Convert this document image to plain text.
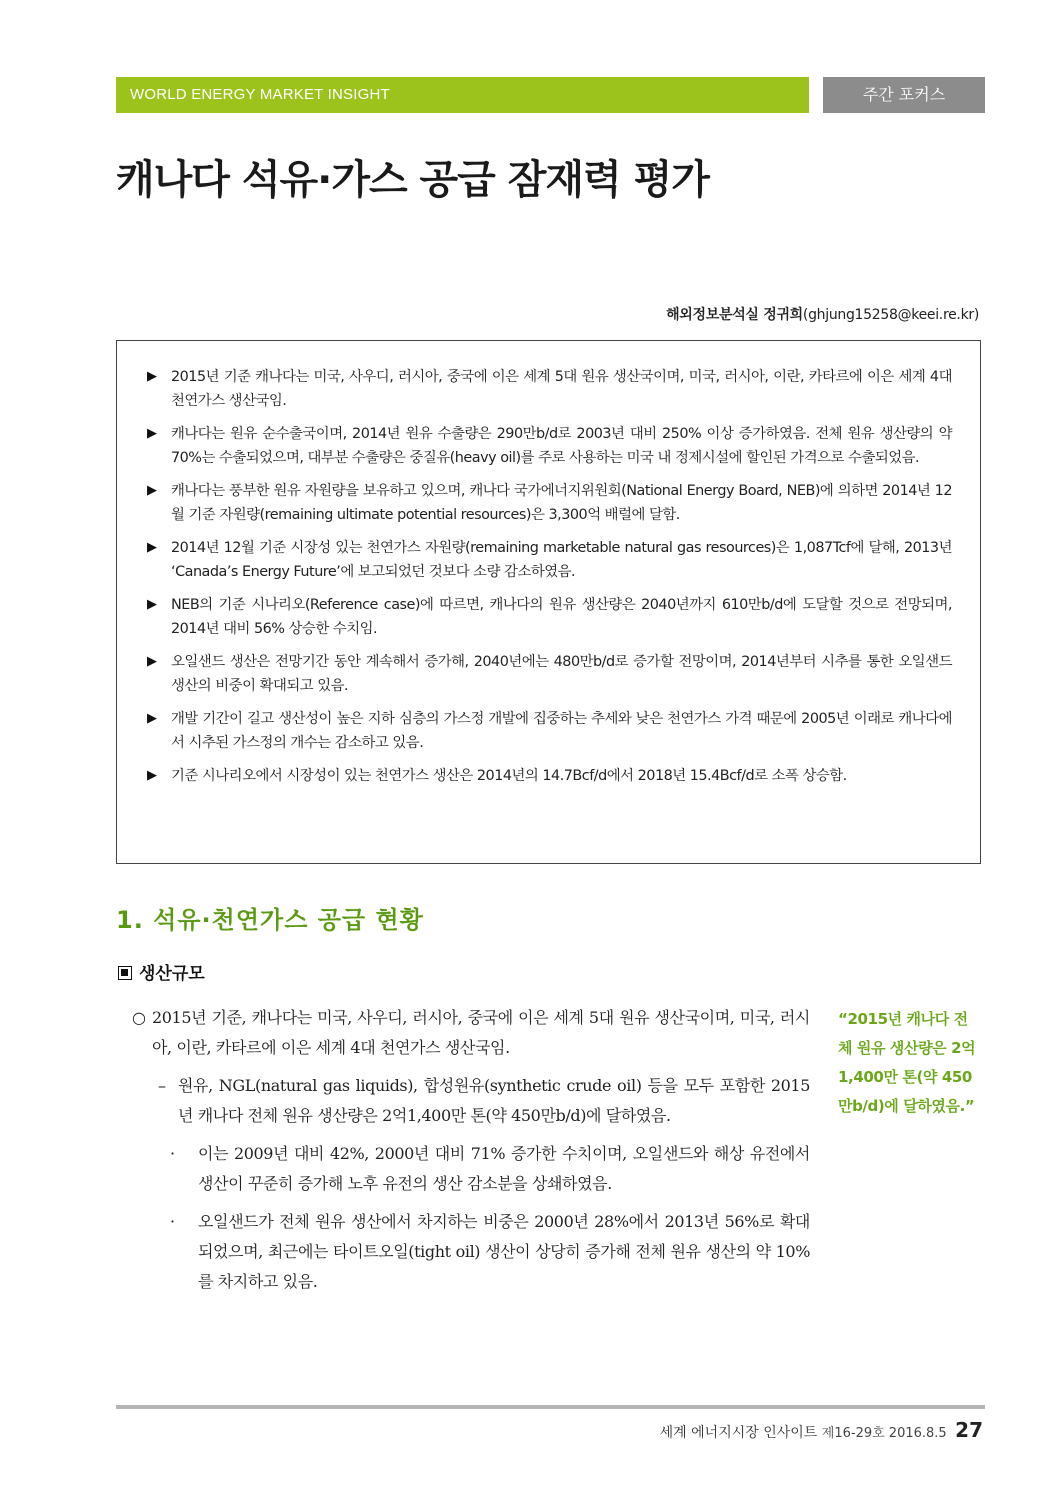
WORLD ENERGY MARKET INSIGHT	주간 포커스
캐나다 석유·가스 공급 잠재력 평가
해외정보분석실 정귀희(ghjung15258@keei.re.kr)
▶ 2015년 기준 캐나다는 미국, 사우디, 러시아, 중국에 이은 세계 5대 원유 생산국이며, 미국, 러시아, 이란, 카타르에 이은 세계 4대 천연가스 생산국임.
▶ 캐나다는 원유 순수출국이며, 2014년 원유 수출량은 290만b/d로 2003년 대비 250% 이상 증가하였음. 전체 원유 생산량의 약 70%는 수출되었으며, 대부분 수출량은 중질유(heavy oil)를 주로 사용하는 미국 내 정제시설에 할인된 가격으로 수출되었음.
▶ 캐나다는 풍부한 원유 자원량을 보유하고 있으며, 캐나다 국가에너지위원회(National Energy Board, NEB)에 의하면 2014년 12월 기준 자원량(remaining ultimate potential resources)은 3,300억 배럴에 달함.
▶ 2014년 12월 기준 시장성 있는 천연가스 자원량(remaining marketable natural gas resources)은 1,087Tcf에 달해, 2013년 ‘Canada’s Energy Future’에 보고되었던 것보다 소량 감소하였음.
▶ NEB의 기준 시나리오(Reference case)에 따르면, 캐나다의 원유 생산량은 2040년까지 610만b/d에 도달할 것으로 전망되며, 2014년 대비 56% 상승한 수치임.
▶ 오일샌드 생산은 전망기간 동안 계속해서 증가해, 2040년에는 480만b/d로 증가할 전망이며, 2014년부터 시추를 통한 오일샌드 생산의 비중이 확대되고 있음.
▶ 개발 기간이 길고 생산성이 높은 지하 심층의 가스정 개발에 집중하는 추세와 낮은 천연가스 가격 때문에 2005년 이래로 캐나다에서 시추된 가스정의 개수는 감소하고 있음.
▶ 기준 시나리오에서 시장성이 있는 천연가스 생산은 2014년의 14.7Bcf/d에서 2018년 15.4Bcf/d로 소폭 상승함.
1. 석유·천연가스 공급 현황
생산규모
○ 2015년 기준, 캐나다는 미국, 사우디, 러시아, 중국에 이은 세계 5대 원유 생산국이며, 미국, 러시아, 이란, 카타르에 이은 세계 4대 천연가스 생산국임.
– 원유, NGL(natural gas liquids), 합성원유(synthetic crude oil) 등을 모두 포함한 2015년 캐나다 전체 원유 생산량은 2억1,400만 톤(약 450만b/d)에 달하였음.
· 이는 2009년 대비 42%, 2000년 대비 71% 증가한 수치이며, 오일샌드와 해상 유전에서 생산이 꾸준히 증가해 노후 유전의 생산 감소분을 상쇄하였음.
· 오일샌드가 전체 원유 생산에서 차지하는 비중은 2000년 28%에서 2013년 56%로 확대되었으며, 최근에는 타이트오일(tight oil) 생산이 상당히 증가해 전체 원유 생산의 약 10%를 차지하고 있음.
“2015년 캐나다 전체 원유 생산량은 2억1,400만 톤(약 450만b/d)에 달하였음.”
세계 에너지시장 인사이트 제16-29호 2016.8.5 27
